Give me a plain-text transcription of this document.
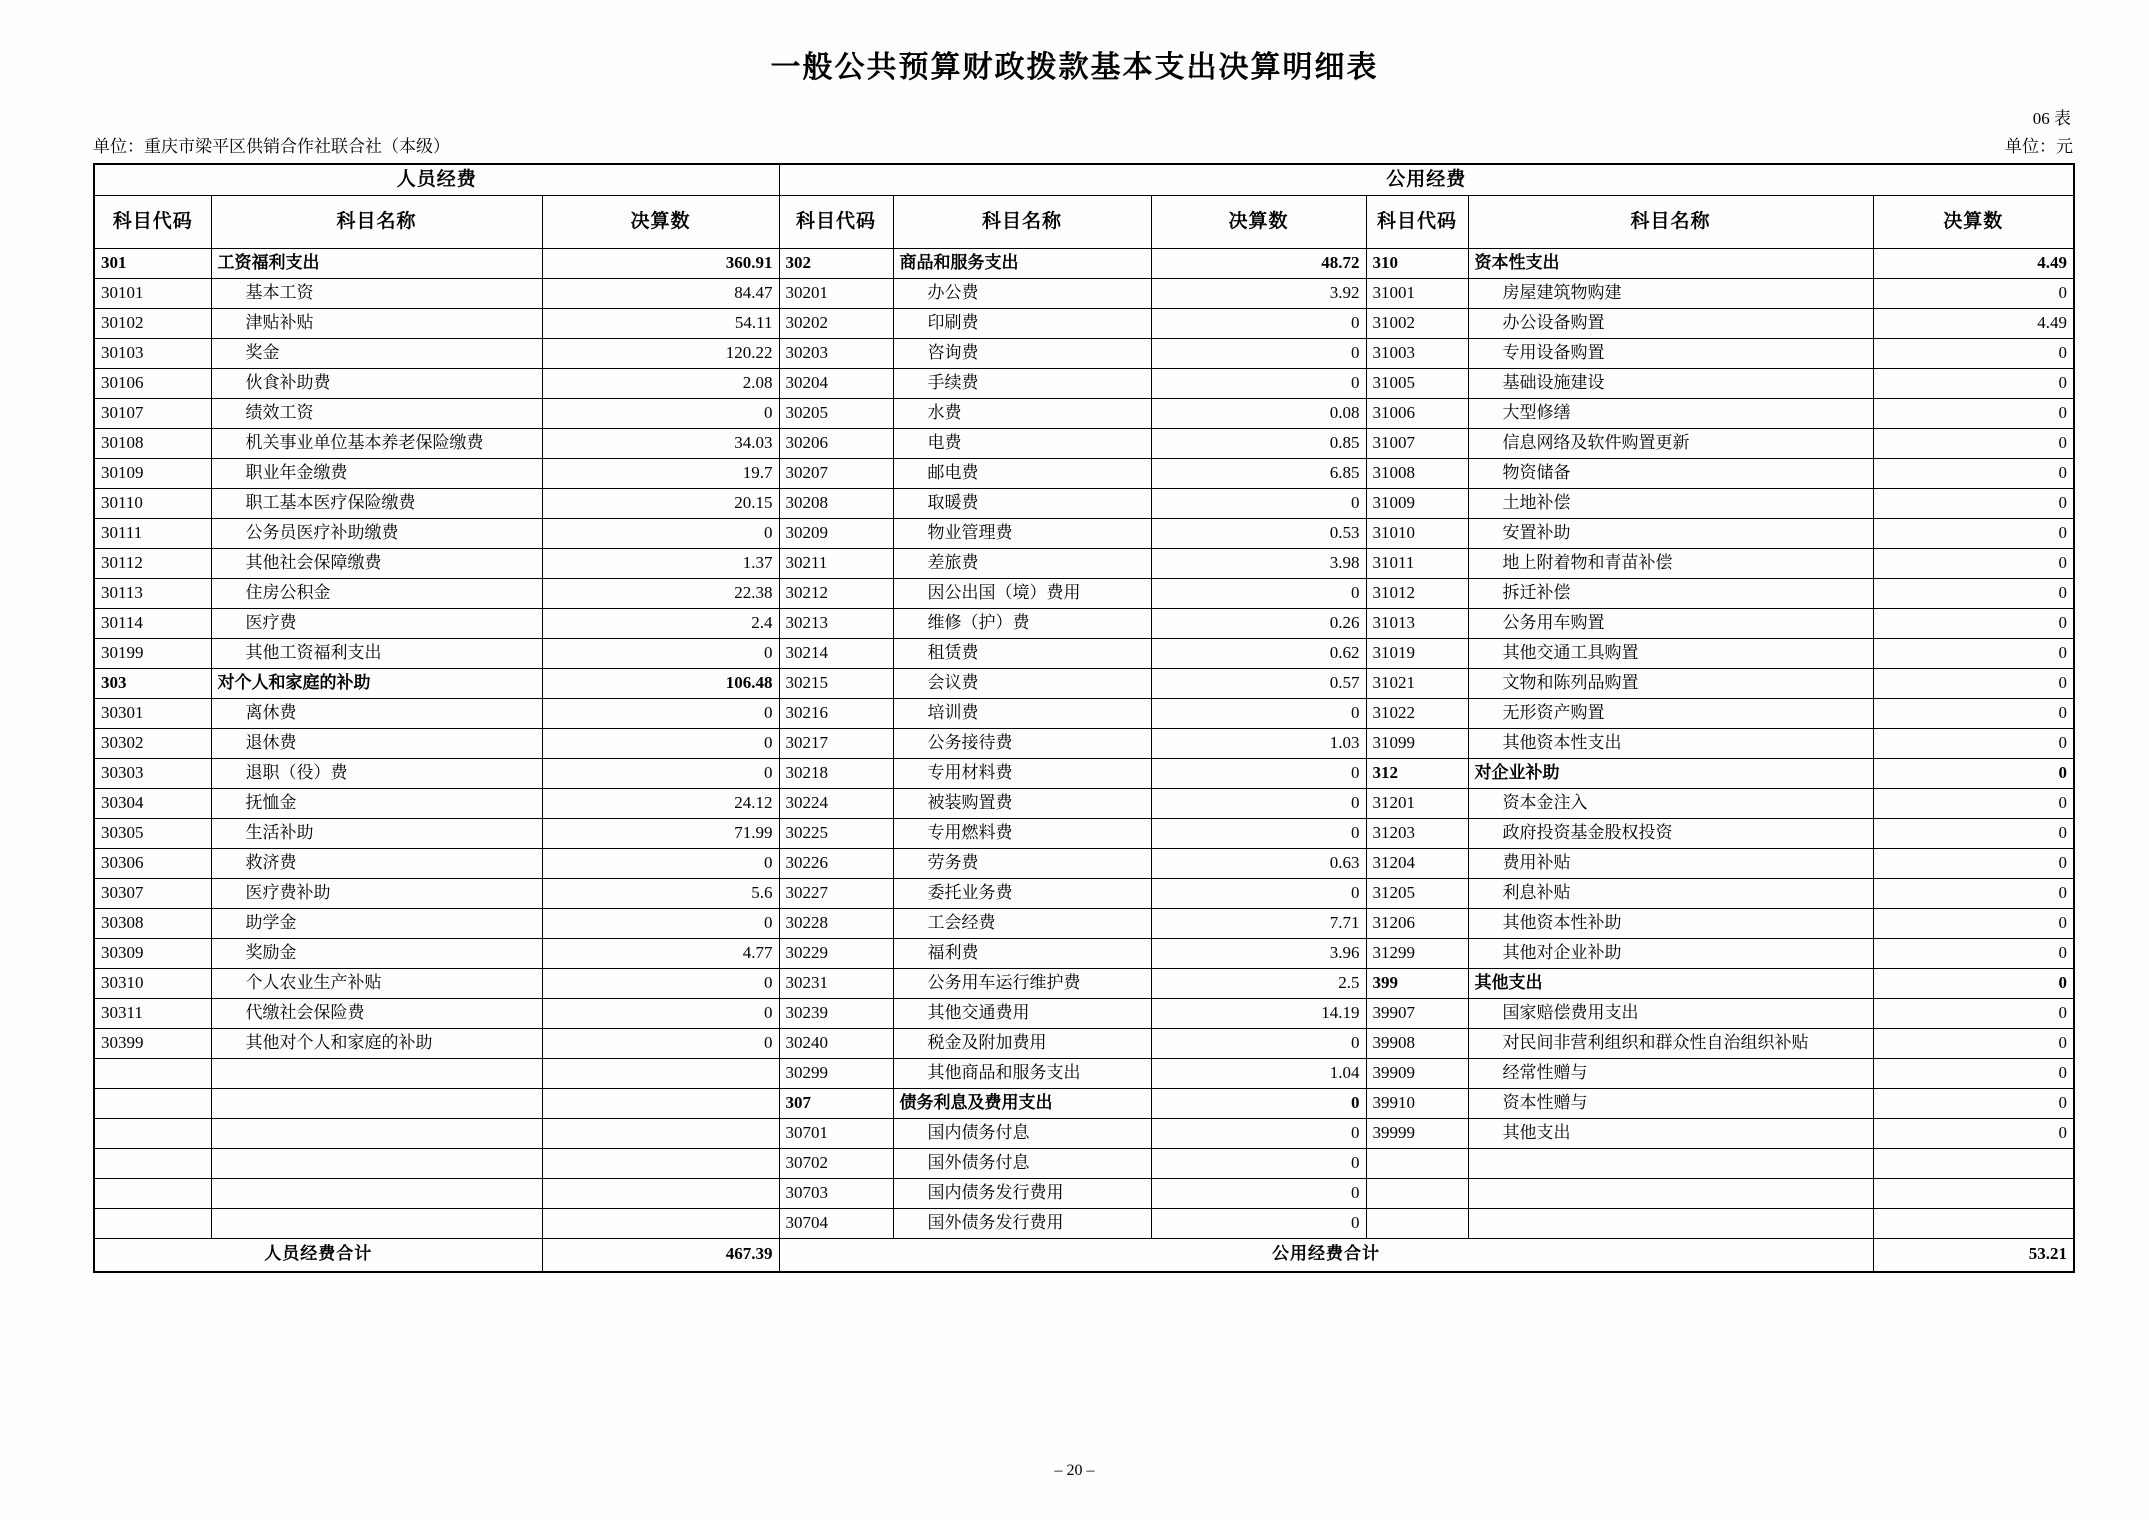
一般公共预算财政拨款基本支出决算明细表
06 表
单位：重庆市梁平区供销合作社联合社（本级）	单位：元
人员经费			公用经费					
科目代码	科目名称	决算数	科目代码	科目名称	决算数	科目代码	科目名称	决算数
301	工资福利支出	360.91	302	商品和服务支出	48.72	310	资本性支出	4.49
30101	基本工资	84.47	30201	办公费	3.92	31001	房屋建筑物购建	0
30102	津贴补贴	54.11	30202	印刷费	0	31002	办公设备购置	4.49
30103	奖金	120.22	30203	咨询费	0	31003	专用设备购置	0
30106	伙食补助费	2.08	30204	手续费	0	31005	基础设施建设	0
30107	绩效工资	0	30205	水费	0.08	31006	大型修缮	0
30108	机关事业单位基本养老保险缴费	34.03	30206	电费	0.85	31007	信息网络及软件购置更新	0
30109	职业年金缴费	19.7	30207	邮电费	6.85	31008	物资储备	0
30110	职工基本医疗保险缴费	20.15	30208	取暖费	0	31009	土地补偿	0
30111	公务员医疗补助缴费	0	30209	物业管理费	0.53	31010	安置补助	0
30112	其他社会保障缴费	1.37	30211	差旅费	3.98	31011	地上附着物和青苗补偿	0
30113	住房公积金	22.38	30212	因公出国（境）费用	0	31012	拆迁补偿	0
30114	医疗费	2.4	30213	维修（护）费	0.26	31013	公务用车购置	0
30199	其他工资福利支出	0	30214	租赁费	0.62	31019	其他交通工具购置	0
303	对个人和家庭的补助	106.48	30215	会议费	0.57	31021	文物和陈列品购置	0
30301	离休费	0	30216	培训费	0	31022	无形资产购置	0
30302	退休费	0	30217	公务接待费	1.03	31099	其他资本性支出	0
30303	退职（役）费	0	30218	专用材料费	0	312	对企业补助	0
30304	抚恤金	24.12	30224	被装购置费	0	31201	资本金注入	0
30305	生活补助	71.99	30225	专用燃料费	0	31203	政府投资基金股权投资	0
30306	救济费	0	30226	劳务费	0.63	31204	费用补贴	0
30307	医疗费补助	5.6	30227	委托业务费	0	31205	利息补贴	0
30308	助学金	0	30228	工会经费	7.71	31206	其他资本性补助	0
30309	奖励金	4.77	30229	福利费	3.96	31299	其他对企业补助	0
30310	个人农业生产补贴	0	30231	公务用车运行维护费	2.5	399	其他支出	0
30311	代缴社会保险费	0	30239	其他交通费用	14.19	39907	国家赔偿费用支出	0
30399	其他对个人和家庭的补助	0	30240	税金及附加费用	0	39908	对民间非营利组织和群众性自治组织补贴	0
			30299	其他商品和服务支出	1.04	39909	经常性赠与	0
			307	债务利息及费用支出	0	39910	资本性赠与	0
			30701	国内债务付息	0	39999	其他支出	0
			30702	国外债务付息	0			
			30703	国内债务发行费用	0			
			30704	国外债务发行费用	0			
人员经费合计		467.39	公用经费合计					53.21
– 20 –
